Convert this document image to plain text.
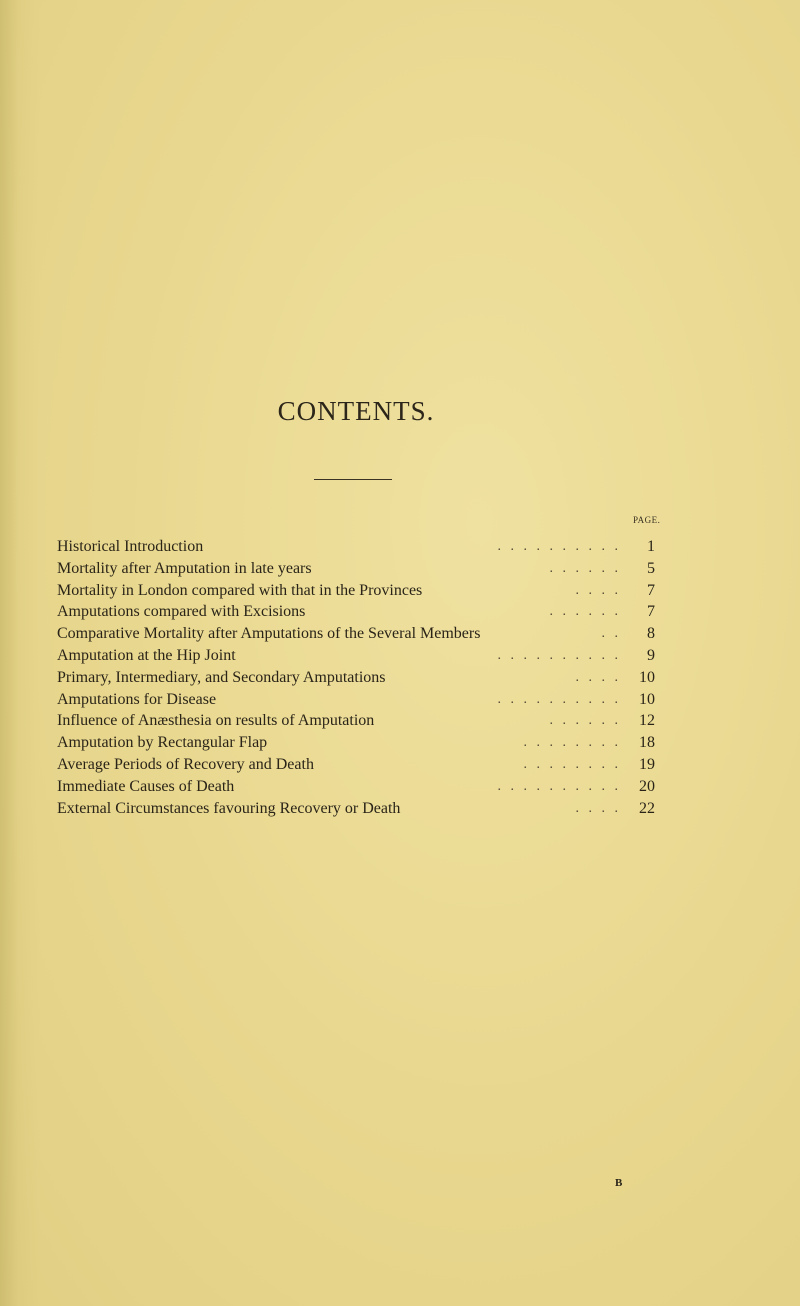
CONTENTS.
PAGE.
Historical Introduction	. . . . . . . . . .	1
Mortality after Amputation in late years	. . . . . .	5
Mortality in London compared with that in the Provinces	. . . .	7
Amputations compared with Excisions	. . . . . .	7
Comparative Mortality after Amputations of the Several Members	. .	8
Amputation at the Hip Joint	. . . . . . . . . .	9
Primary, Intermediary, and Secondary Amputations	. . . .	10
Amputations for Disease	. . . . . . . . . .	10
Influence of Anæsthesia on results of Amputation	. . . . . .	12
Amputation by Rectangular Flap	. . . . . . . .	18
Average Periods of Recovery and Death	. . . . . . . .	19
Immediate Causes of Death	. . . . . . . . . .	20
External Circumstances favouring Recovery or Death	. . . .	22
B
